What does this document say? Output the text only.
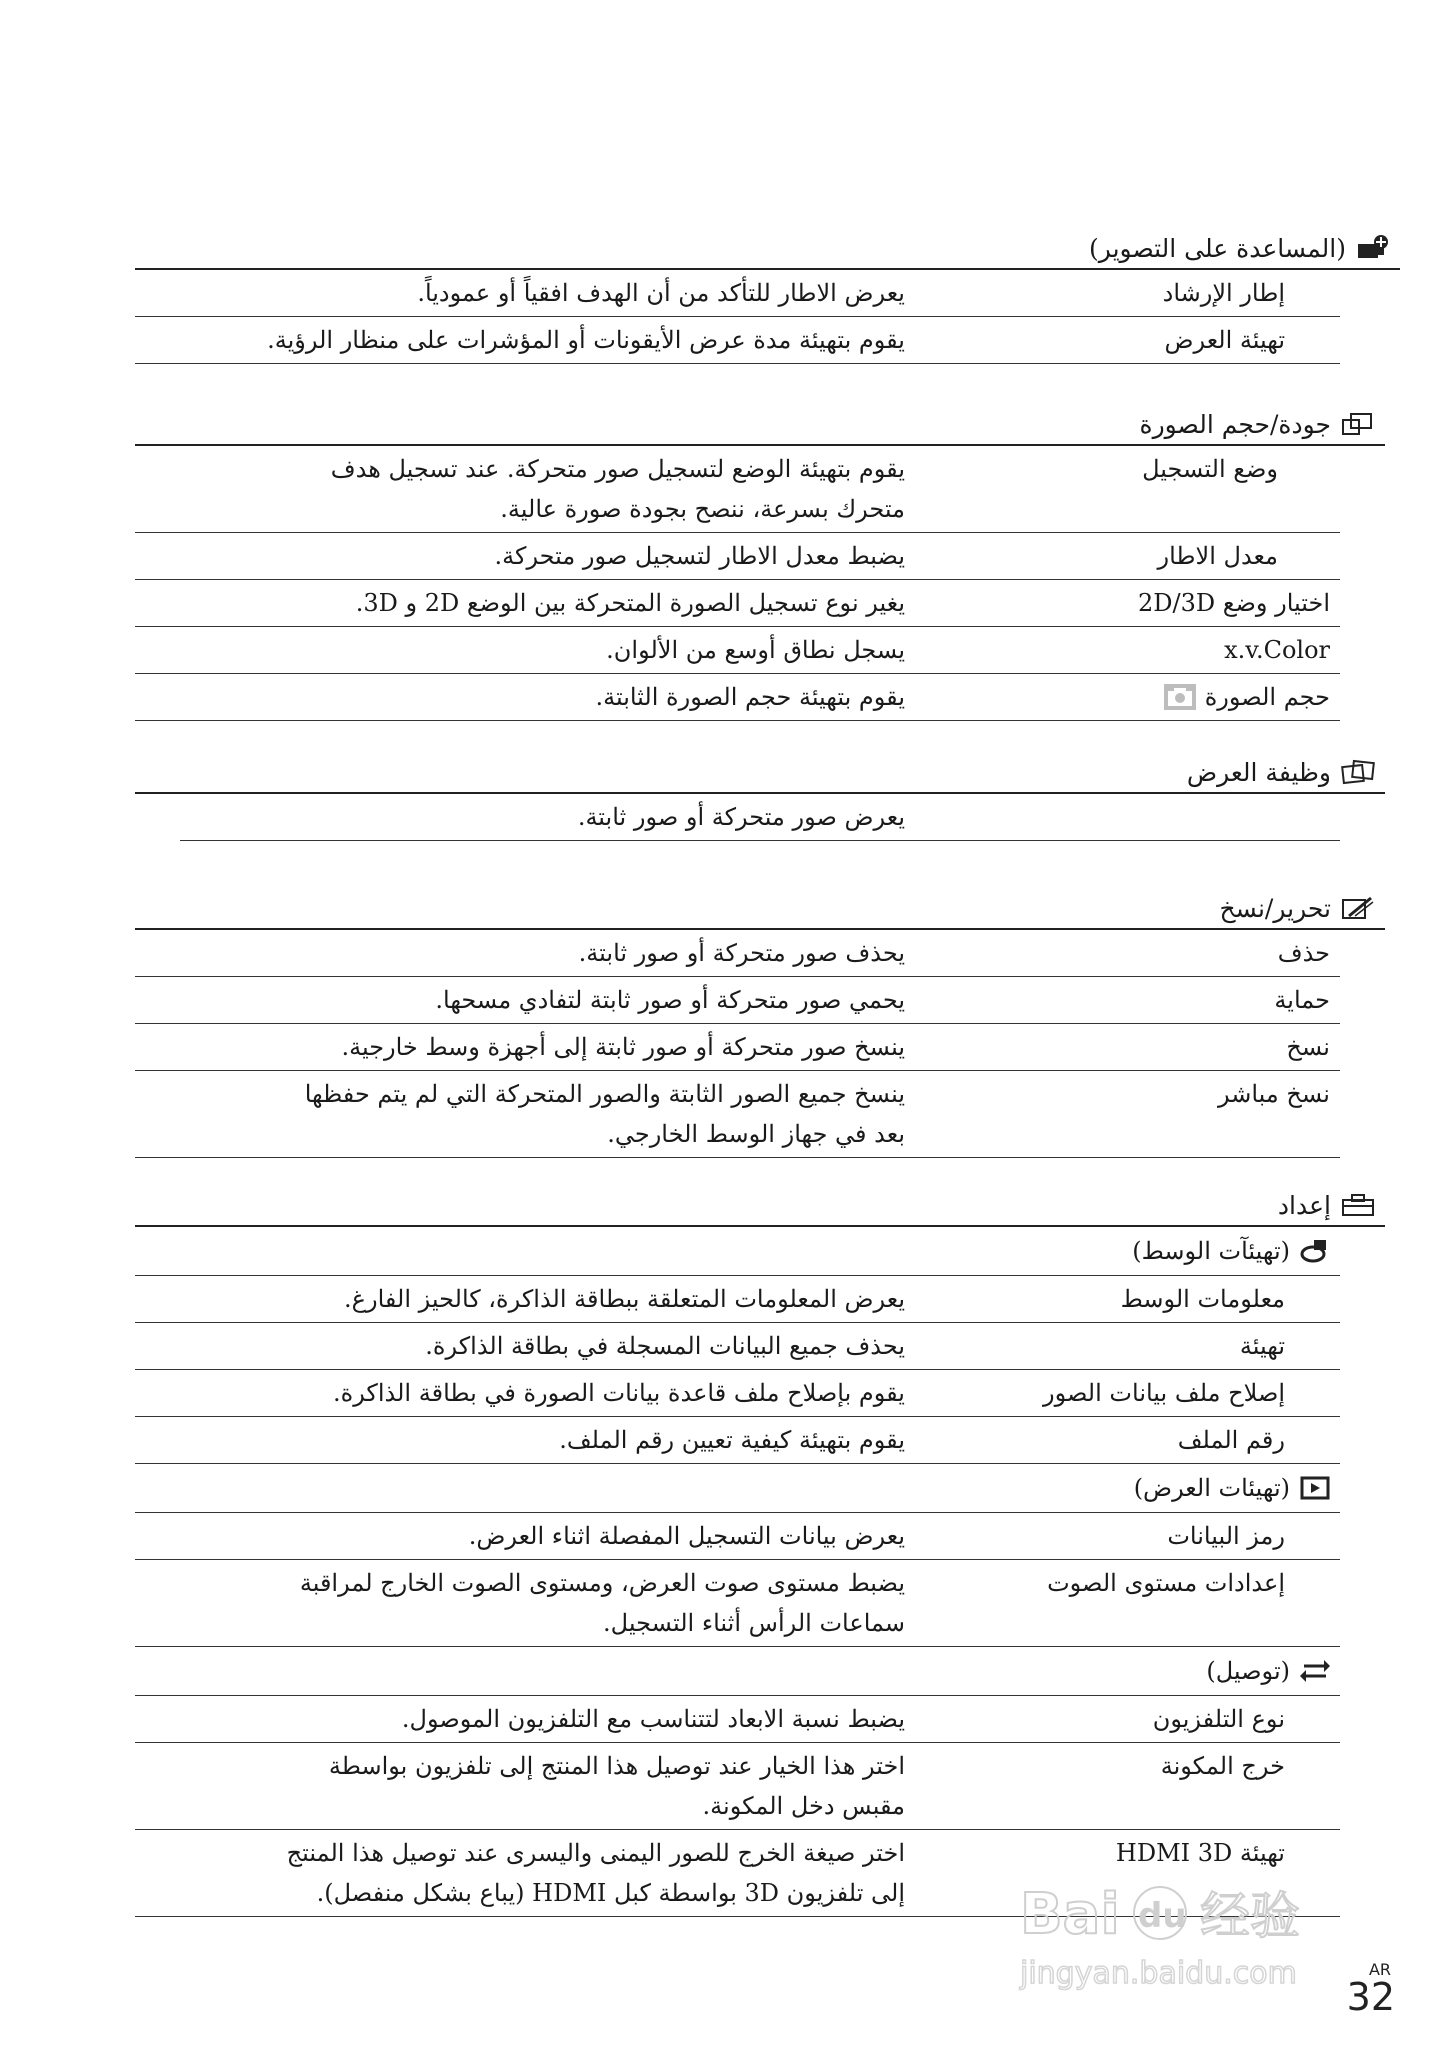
(المساعدة على التصوير)
إطار الإرشاد
يعرض الاطار للتأكد من أن الهدف افقياً أو عمودياً.
تهيئة العرض
يقوم بتهيئة مدة عرض الأيقونات أو المؤشرات على منظار الرؤية.
جودة/حجم الصورة
وضع التسجيل
يقوم بتهيئة الوضع لتسجيل صور متحركة. عند تسجيل هدف
متحرك بسرعة، ننصح بجودة صورة عالية.
معدل الاطار
يضبط معدل الاطار لتسجيل صور متحركة.
اختيار وضع 2D/3D
يغير نوع تسجيل الصورة المتحركة بين الوضع 2D و 3D.
x.v.Color
يسجل نطاق أوسع من الألوان.
حجم الصورة
يقوم بتهيئة حجم الصورة الثابتة.
وظيفة العرض
يعرض صور متحركة أو صور ثابتة.
تحرير/نسخ
حذف
يحذف صور متحركة أو صور ثابتة.
حماية
يحمي صور متحركة أو صور ثابتة لتفادي مسحها.
نسخ
ينسخ صور متحركة أو صور ثابتة إلى أجهزة وسط خارجية.
نسخ مباشر
ينسخ جميع الصور الثابتة والصور المتحركة التي لم يتم حفظها
بعد في جهاز الوسط الخارجي.
إعداد
(تهيئآت الوسط)
معلومات الوسط
يعرض المعلومات المتعلقة ببطاقة الذاكرة، كالحيز الفارغ.
تهيئة
يحذف جميع البيانات المسجلة في بطاقة الذاكرة.
إصلاح ملف بيانات الصور
يقوم بإصلاح ملف قاعدة بيانات الصورة في بطاقة الذاكرة.
رقم الملف
يقوم بتهيئة كيفية تعيين رقم الملف.
(تهيئات العرض)
رمز البيانات
يعرض بيانات التسجيل المفصلة اثناء العرض.
إعدادات مستوى الصوت
يضبط مستوى صوت العرض، ومستوى الصوت الخارج لمراقبة
سماعات الرأس أثناء التسجيل.
(توصيل)
نوع التلفزيون
يضبط نسبة الابعاد لتتناسب مع التلفزيون الموصول.
خرج المكونة
اختر هذا الخيار عند توصيل هذا المنتج إلى تلفزيون بواسطة
مقبس دخل المكونة.
تهيئة HDMI 3D
اختر صيغة الخرج للصور اليمنى واليسرى عند توصيل هذا المنتج
إلى تلفزيون 3D بواسطة كبل HDMI (يباع بشكل منفصل). Bai du 经验
jingyan.baidu.com	AR
32
